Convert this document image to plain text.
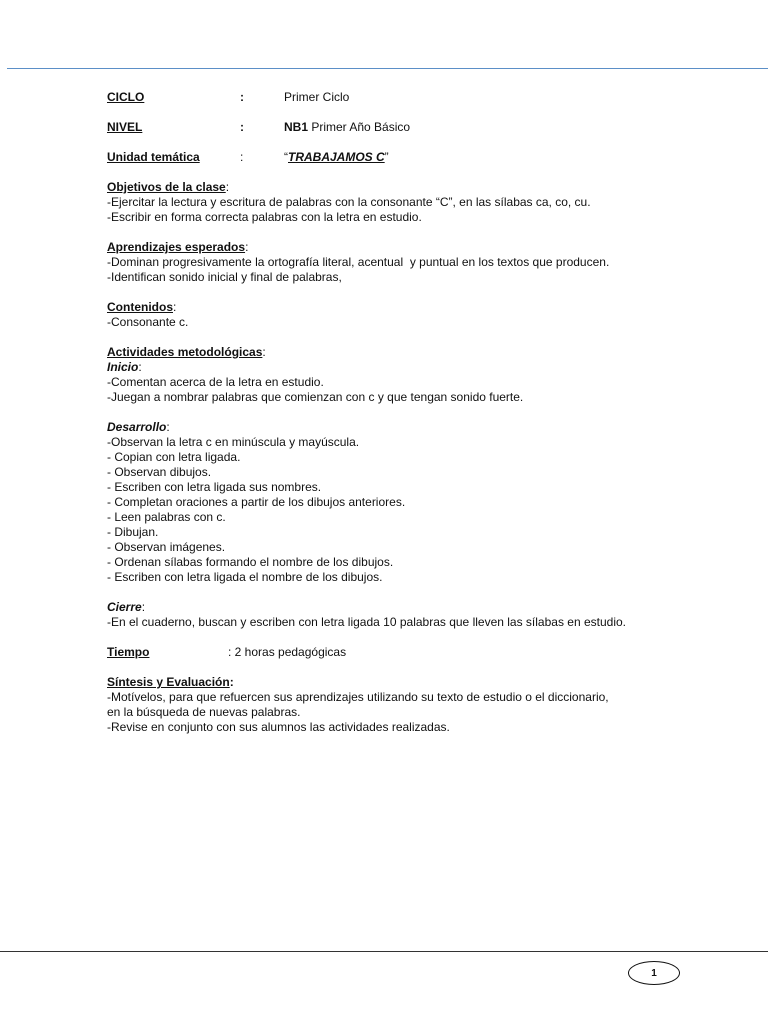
CICLO	:	Primer Ciclo
NIVEL	:	NB1 Primer Año Básico
Unidad temática	:	“TRABAJAMOS C”
Objetivos de la clase:
-Ejercitar la lectura y escritura de palabras con la consonante “C”, en las sílabas ca, co, cu.
-Escribir en forma correcta palabras con la letra en estudio.
Aprendizajes esperados:
-Dominan progresivamente la ortografía literal, acentual  y puntual en los textos que producen.
-Identifican sonido inicial y final de palabras,
Contenidos:
-Consonante c.
Actividades metodológicas:
Inicio:
-Comentan acerca de la letra en estudio.
-Juegan a nombrar palabras que comienzan con c y que tengan sonido fuerte.
Desarrollo:
-Observan la letra c en minúscula y mayúscula.
- Copian con letra ligada.
- Observan dibujos.
- Escriben con letra ligada sus nombres.
- Completan oraciones a partir de los dibujos anteriores.
- Leen palabras con c.
- Dibujan.
- Observan imágenes.
- Ordenan sílabas formando el nombre de los dibujos.
- Escriben con letra ligada el nombre de los dibujos.
Cierre:
-En el cuaderno, buscan y escriben con letra ligada 10 palabras que lleven las sílabas en estudio.
Tiempo	: 2 horas pedagógicas
Síntesis y Evaluación:
-Motívelos, para que refuercen sus aprendizajes utilizando su texto de estudio o el diccionario,
en la búsqueda de nuevas palabras.
-Revise en conjunto con sus alumnos las actividades realizadas.
1
